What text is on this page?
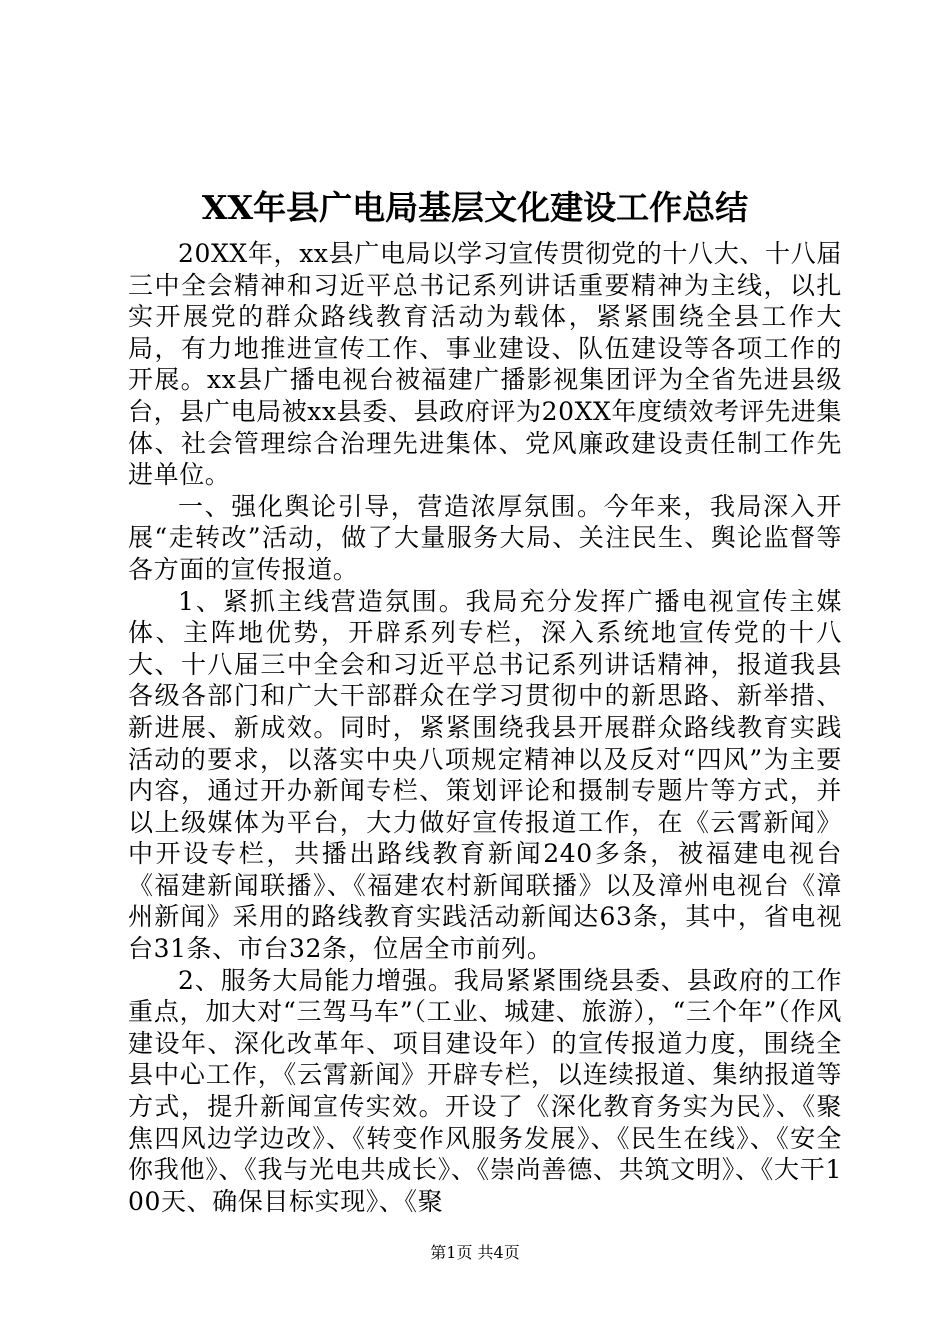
XX年县广电局基层文化建设工作总结

20XX年，xx县广电局以学习宣传贯彻党的十八大、十八届三中全会精神和习近平总书记系列讲话重要精神为主线，以扎实开展党的群众路线教育活动为载体，紧紧围绕全县工作大局，有力地推进宣传工作、事业建设、队伍建设等各项工作的开展。xx县广播电视台被福建广播影视集团评为全省先进县级台，县广电局被xx县委、县政府评为20XX年度绩效考评先进集体、社会管理综合治理先进集体、党风廉政建设责任制工作先进单位。

一、强化舆论引导，营造浓厚氛围。今年来，我局深入开展“走转改”活动，做了大量服务大局、关注民生、舆论监督等各方面的宣传报道。

1、紧抓主线营造氛围。我局充分发挥广播电视宣传主媒体、主阵地优势，开辟系列专栏，深入系统地宣传党的十八大、十八届三中全会和习近平总书记系列讲话精神，报道我县各级各部门和广大干部群众在学习贯彻中的新思路、新举措、新进展、新成效。同时，紧紧围绕我县开展群众路线教育实践活动的要求，以落实中央八项规定精神以及反对“四风”为主要内容，通过开办新闻专栏、策划评论和摄制专题片等方式，并以上级媒体为平台，大力做好宣传报道工作，在《云霄新闻》中开设专栏，共播出路线教育新闻240多条，被福建电视台《福建新闻联播》、《福建农村新闻联播》以及漳州电视台《漳州新闻》采用的路线教育实践活动新闻达63条，其中，省电视台31条、市台32条，位居全市前列。

2、服务大局能力增强。我局紧紧围绕县委、县政府的工作重点，加大对“三驾马车”（工业、城建、旅游），“三个年”（作风建设年、深化改革年、项目建设年）的宣传报道力度，围绕全县中心工作，《云霄新闻》开辟专栏，以连续报道、集纳报道等方式，提升新闻宣传实效。开设了《深化教育务实为民》、《聚焦四风边学边改》、《转变作风服务发展》、《民生在线》、《安全你我他》、《我与光电共成长》、《崇尚善德、共筑文明》、《大干100天、确保目标实现》、《聚

第1页 共4页
